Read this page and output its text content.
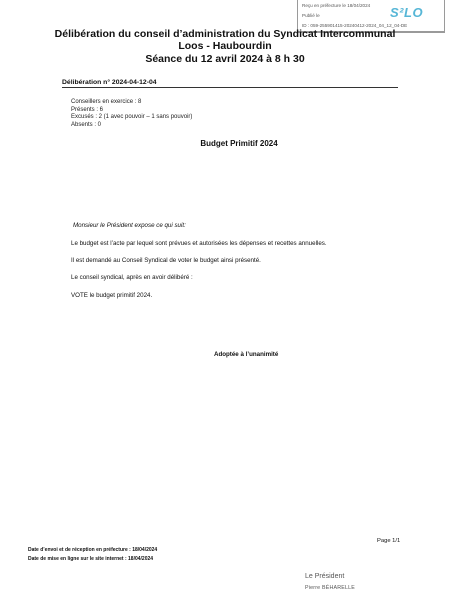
Reçu en préfecture le 18/04/2024
Publié le
ID : 059-255901415-20240412-2024_04_12_04-DE
S²LO
Délibération du conseil d’administration du Syndicat Intercommunal
Loos - Haubourdin
Séance du 12 avril 2024 à 8 h 30
Délibération n° 2024-04-12-04
Conseillers en exercice : 8
Présents : 6
Excusés : 2 (1 avec pouvoir – 1 sans pouvoir)
Absents : 0
Budget Primitif 2024
Monsieur le Président expose ce qui suit:
Le budget est l’acte par lequel sont prévues et autorisées les dépenses et recettes annuelles.
Il est demandé au Conseil Syndical de voter le budget ainsi présenté.
Le conseil syndical, après en avoir délibéré :
VOTE le budget primitif 2024.
Adoptée à l’unanimité
Page 1/1
Date d’envoi et de réception en préfecture : 18/04/2024
Date de mise en ligne sur le site internet : 18/04/2024
Le Président
Pierre BÉHARELLE
